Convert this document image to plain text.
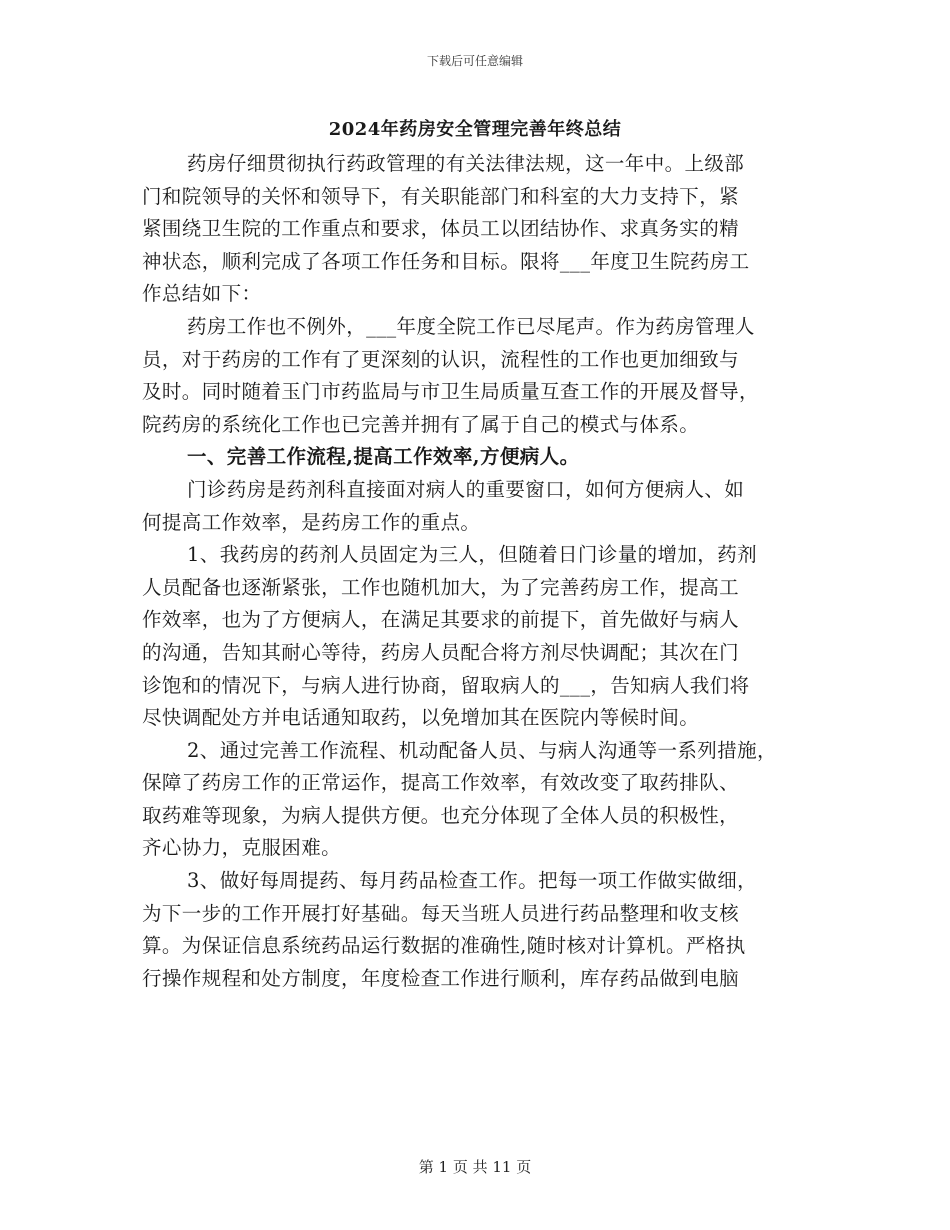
下载后可任意编辑
2024年药房安全管理完善年终总结
药房仔细贯彻执行药政管理的有关法律法规，这一年中。上级部
门和院领导的关怀和领导下，有关职能部门和科室的大力支持下，紧
紧围绕卫生院的工作重点和要求，体员工以团结协作、求真务实的精
神状态，顺利完成了各项工作任务和目标。限将___年度卫生院药房工
作总结如下：
药房工作也不例外，___年度全院工作已尽尾声。作为药房管理人
员，对于药房的工作有了更深刻的认识，流程性的工作也更加细致与
及时。同时随着玉门市药监局与市卫生局质量互查工作的开展及督导，
院药房的系统化工作也已完善并拥有了属于自己的模式与体系。
一、完善工作流程,提高工作效率,方便病人。
门诊药房是药剂科直接面对病人的重要窗口，如何方便病人、如
何提高工作效率，是药房工作的重点。
1、我药房的药剂人员固定为三人，但随着日门诊量的增加，药剂
人员配备也逐渐紧张，工作也随机加大，为了完善药房工作，提高工
作效率，也为了方便病人，在满足其要求的前提下，首先做好与病人
的沟通，告知其耐心等待，药房人员配合将方剂尽快调配；其次在门
诊饱和的情况下，与病人进行协商，留取病人的___，告知病人我们将
尽快调配处方并电话通知取药，以免增加其在医院内等候时间。
2、通过完善工作流程、机动配备人员、与病人沟通等一系列措施，
保障了药房工作的正常运作，提高工作效率，有效改变了取药排队、
取药难等现象，为病人提供方便。也充分体现了全体人员的积极性，
齐心协力，克服困难。
3、做好每周提药、每月药品检查工作。把每一项工作做实做细，
为下一步的工作开展打好基础。每天当班人员进行药品整理和收支核
算。为保证信息系统药品运行数据的准确性,随时核对计算机。严格执
行操作规程和处方制度，年度检查工作进行顺利，库存药品做到电脑
第 1 页 共 11 页
